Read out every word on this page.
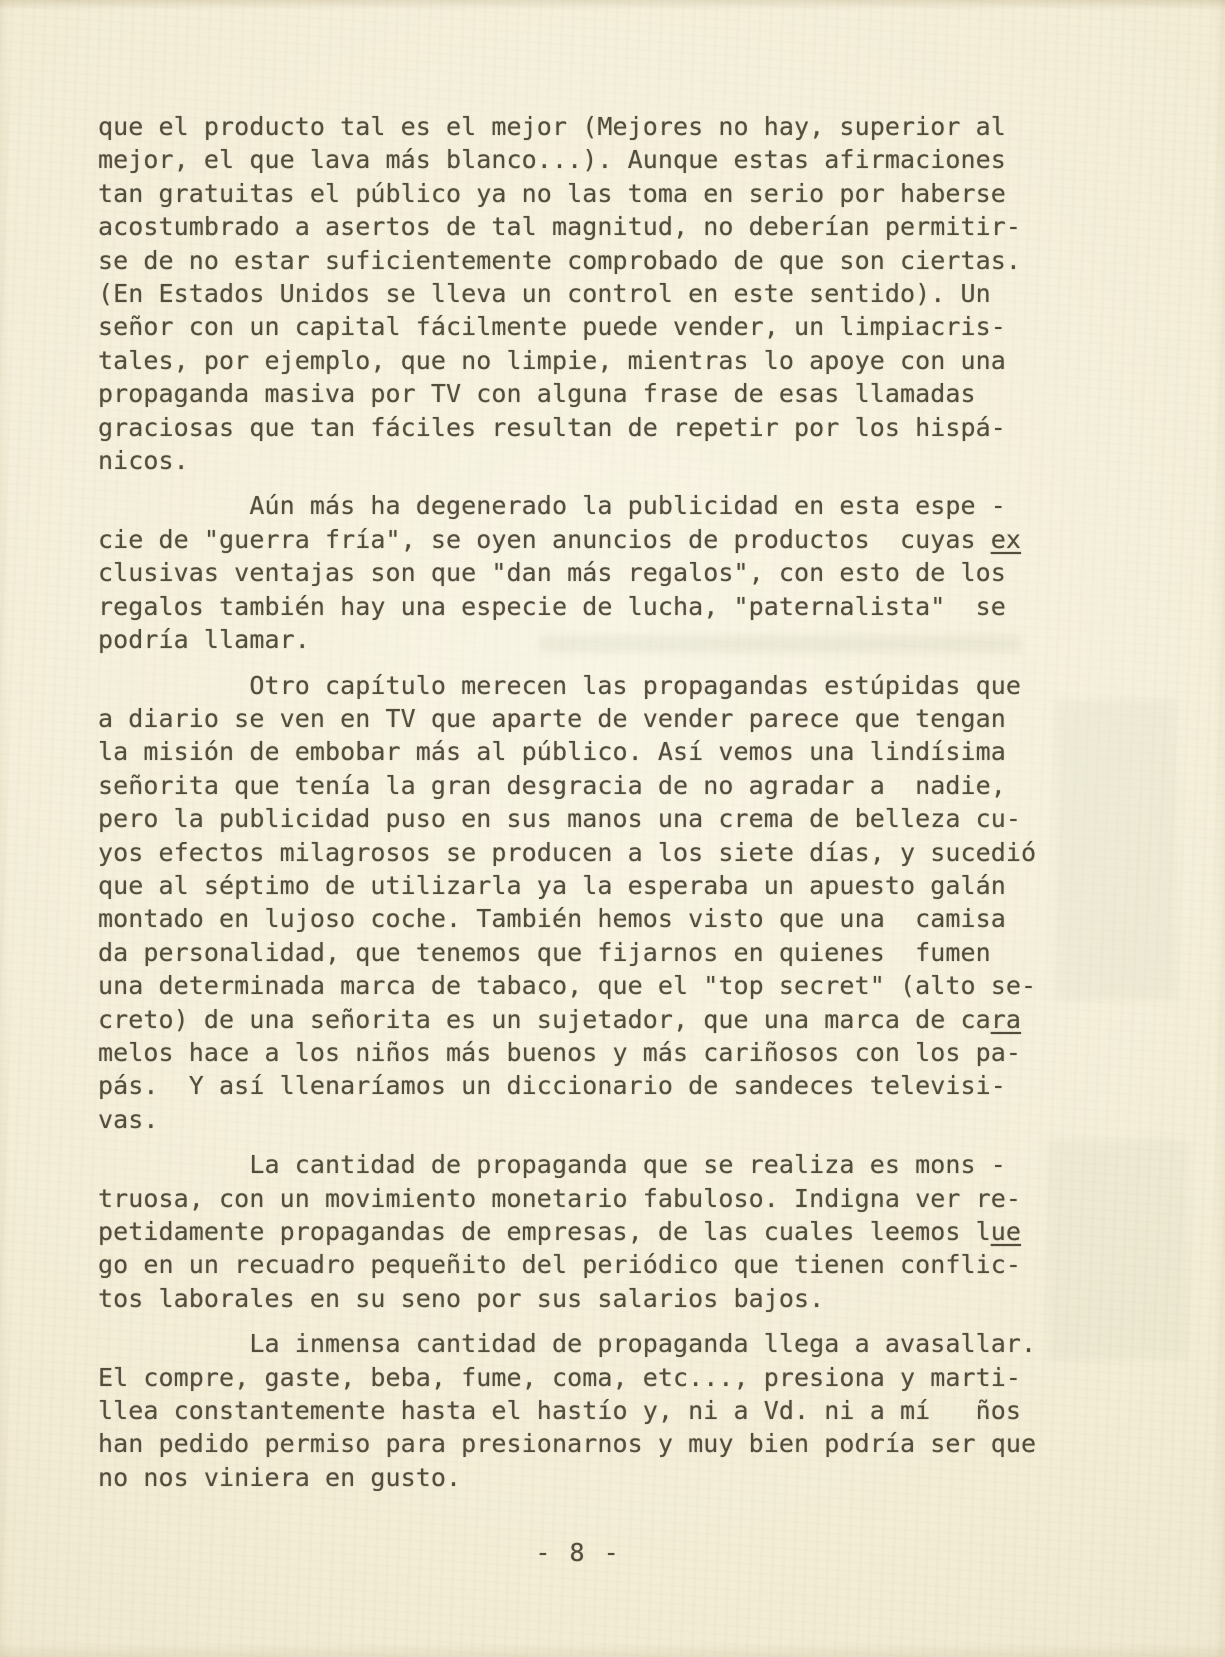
que el producto tal es el mejor (Mejores no hay, superior al
mejor, el que lava más blanco...). Aunque estas afirmaciones
tan gratuitas el público ya no las toma en serio por haberse
acostumbrado a asertos de tal magnitud, no deberían permitir-
se de no estar suficientemente comprobado de que son ciertas.
(En Estados Unidos se lleva un control en este sentido). Un
señor con un capital fácilmente puede vender, un limpiacris-
tales, por ejemplo, que no limpie, mientras lo apoye con una
propaganda masiva por TV con alguna frase de esas llamadas
graciosas que tan fáciles resultan de repetir por los hispá-
nicos.

Aún más ha degenerado la publicidad en esta espe -
cie de "guerra fría", se oyen anuncios de productos  cuyas ex
clusivas ventajas son que "dan más regalos", con esto de los
regalos también hay una especie de lucha, "paternalista"  se
podría llamar.

Otro capítulo merecen las propagandas estúpidas que
a diario se ven en TV que aparte de vender parece que tengan
la misión de embobar más al público. Así vemos una lindísima
señorita que tenía la gran desgracia de no agradar a  nadie,
pero la publicidad puso en sus manos una crema de belleza cu-
yos efectos milagrosos se producen a los siete días, y sucedió
que al séptimo de utilizarla ya la esperaba un apuesto galán
montado en lujoso coche. También hemos visto que una  camisa
da personalidad, que tenemos que fijarnos en quienes  fumen
una determinada marca de tabaco, que el "top secret" (alto se-
creto) de una señorita es un sujetador, que una marca de cara
melos hace a los niños más buenos y más cariñosos con los pa-
pás.  Y así llenaríamos un diccionario de sandeces televisi-
vas.

La cantidad de propaganda que se realiza es mons -
truosa, con un movimiento monetario fabuloso. Indigna ver re-
petidamente propagandas de empresas, de las cuales leemos lue
go en un recuadro pequeñito del periódico que tienen conflic-
tos laborales en su seno por sus salarios bajos.

La inmensa cantidad de propaganda llega a avasallar.
El compre, gaste, beba, fume, coma, etc..., presiona y marti-
llea constantemente hasta el hastío y, ni a Vd. ni a mí   ños
han pedido permiso para presionarnos y muy bien podría ser que
no nos viniera en gusto.

- 8 -
